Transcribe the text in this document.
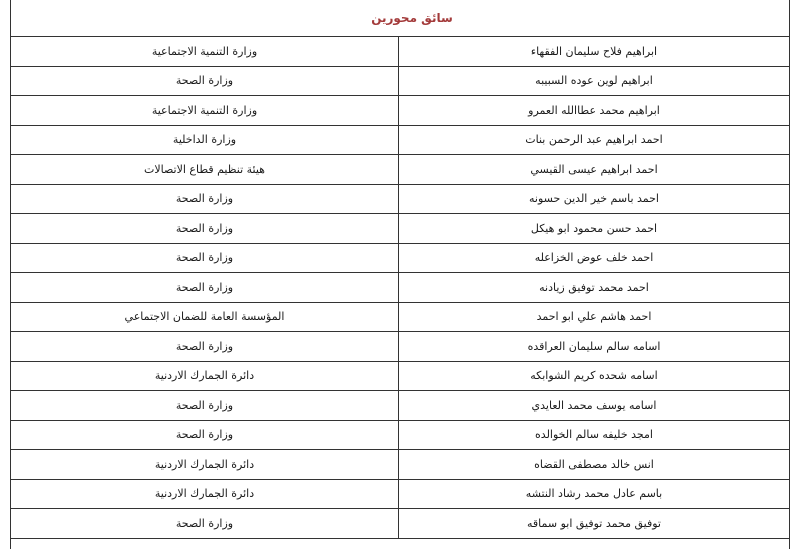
سائق محورين
ابراهيم فلاح سليمان الفقهاء	وزارة التنمية الاجتماعية
ابراهيم لوين عوده السبيبه	وزارة الصحة
ابراهيم محمد عطاالله العمرو	وزارة التنمية الاجتماعية
احمد ابراهيم عبد الرحمن بنات	وزارة الداخلية
احمد ابراهيم عيسى القيسي	هيئة تنظيم قطاع الاتصالات
احمد باسم خير الدين حسونه	وزارة الصحة
احمد حسن محمود ابو هيكل	وزارة الصحة
احمد خلف عوض الخزاعله	وزارة الصحة
احمد محمد توفيق زيادنه	وزارة الصحة
احمد هاشم علي ابو احمد	المؤسسة العامة للضمان الاجتماعي
اسامه سالم سليمان العراقده	وزارة الصحة
اسامه شحده كريم الشوابكه	دائرة الجمارك الاردنية
اسامه يوسف محمد العايدي	وزارة الصحة
امجد خليفه سالم الخوالده	وزارة الصحة
انس خالد مصطفى القضاه	دائرة الجمارك الاردنية
باسم عادل محمد رشاد النتشه	دائرة الجمارك الاردنية
توفيق محمد توفيق ابو سماقه	وزارة الصحة
